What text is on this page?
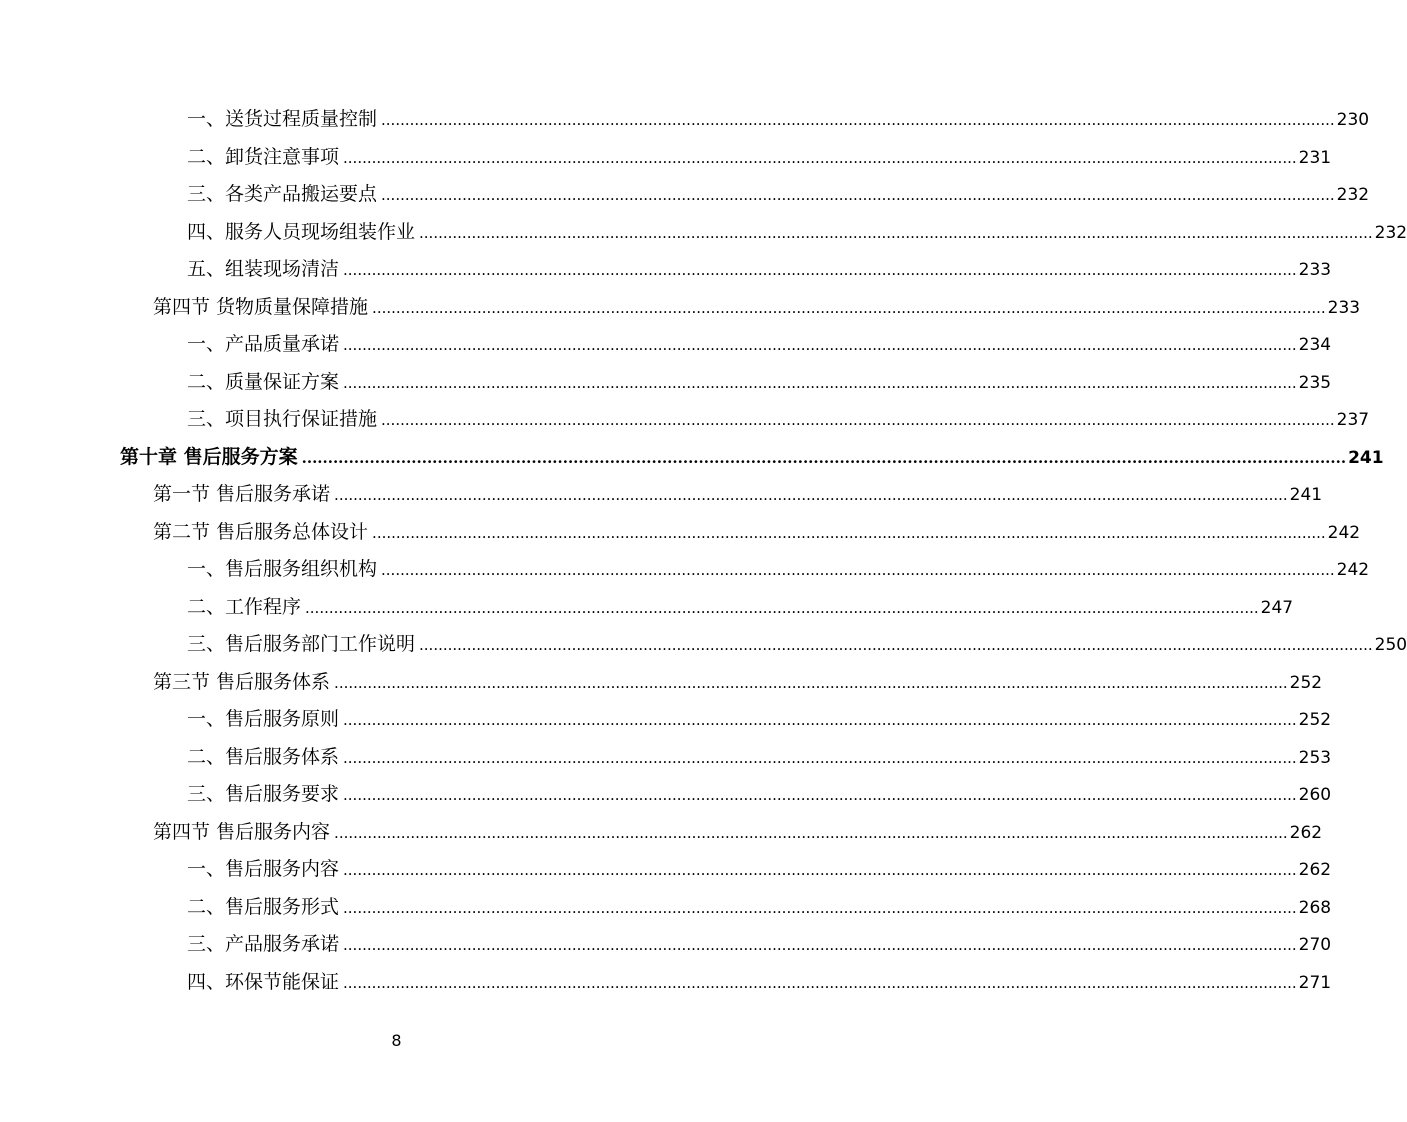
一、送货过程质量控制 ........................................................................................................................................................................................................ 230
二、卸货注意事项 ........................................................................................................................................................................................................ 231
三、各类产品搬运要点 ........................................................................................................................................................................................................ 232
四、服务人员现场组装作业 ........................................................................................................................................................................................................ 232
五、组装现场清洁 ........................................................................................................................................................................................................ 233
第四节 货物质量保障措施 ........................................................................................................................................................................................................ 233
一、产品质量承诺 ........................................................................................................................................................................................................ 234
二、质量保证方案 ........................................................................................................................................................................................................ 235
三、项目执行保证措施 ........................................................................................................................................................................................................ 237
第十章 售后服务方案 ........................................................................................................................................................................................................ 241
第一节 售后服务承诺 ........................................................................................................................................................................................................ 241
第二节 售后服务总体设计 ........................................................................................................................................................................................................ 242
一、售后服务组织机构 ........................................................................................................................................................................................................ 242
二、工作程序 ........................................................................................................................................................................................................ 247
三、售后服务部门工作说明 ........................................................................................................................................................................................................ 250
第三节 售后服务体系 ........................................................................................................................................................................................................ 252
一、售后服务原则 ........................................................................................................................................................................................................ 252
二、售后服务体系 ........................................................................................................................................................................................................ 253
三、售后服务要求 ........................................................................................................................................................................................................ 260
第四节 售后服务内容 ........................................................................................................................................................................................................ 262
一、售后服务内容 ........................................................................................................................................................................................................ 262
二、售后服务形式 ........................................................................................................................................................................................................ 268
三、产品服务承诺 ........................................................................................................................................................................................................ 270
四、环保节能保证 ........................................................................................................................................................................................................ 271
8
